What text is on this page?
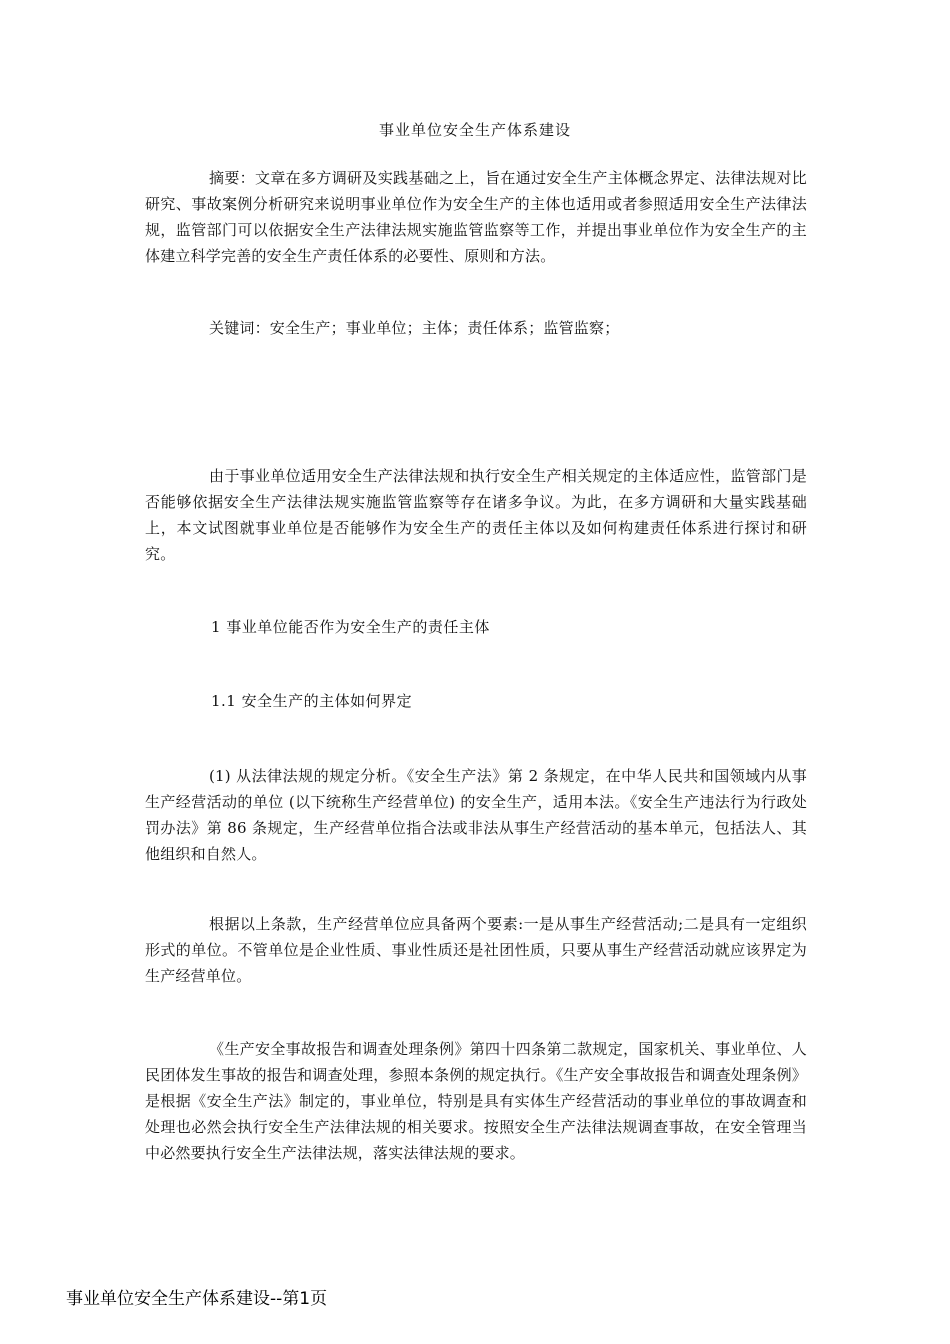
事业单位安全生产体系建设

摘要：文章在多方调研及实践基础之上，旨在通过安全生产主体概念界定、法律法规对比研究、事故案例分析研究来说明事业单位作为安全生产的主体也适用或者参照适用安全生产法律法规，监管部门可以依据安全生产法律法规实施监管监察等工作，并提出事业单位作为安全生产的主体建立科学完善的安全生产责任体系的必要性、原则和方法。

关键词：安全生产；事业单位；主体；责任体系；监管监察；

由于事业单位适用安全生产法律法规和执行安全生产相关规定的主体适应性，监管部门是否能够依据安全生产法律法规实施监管监察等存在诸多争议。为此，在多方调研和大量实践基础上，本文试图就事业单位是否能够作为安全生产的责任主体以及如何构建责任体系进行探讨和研究。

1 事业单位能否作为安全生产的责任主体

1.1 安全生产的主体如何界定

(1) 从法律法规的规定分析。《安全生产法》第 2 条规定，在中华人民共和国领域内从事生产经营活动的单位 (以下统称生产经营单位) 的安全生产，适用本法。《安全生产违法行为行政处罚办法》第 86 条规定，生产经营单位指合法或非法从事生产经营活动的基本单元，包括法人、其他组织和自然人。

根据以上条款，生产经营单位应具备两个要素:一是从事生产经营活动;二是具有一定组织形式的单位。不管单位是企业性质、事业性质还是社团性质，只要从事生产经营活动就应该界定为生产经营单位。

《生产安全事故报告和调查处理条例》第四十四条第二款规定，国家机关、事业单位、人民团体发生事故的报告和调查处理，参照本条例的规定执行。《生产安全事故报告和调查处理条例》是根据《安全生产法》制定的，事业单位，特别是具有实体生产经营活动的事业单位的事故调查和处理也必然会执行安全生产法律法规的相关要求。按照安全生产法律法规调查事故，在安全管理当中必然要执行安全生产法律法规，落实法律法规的要求。

事业单位安全生产体系建设--第1页
